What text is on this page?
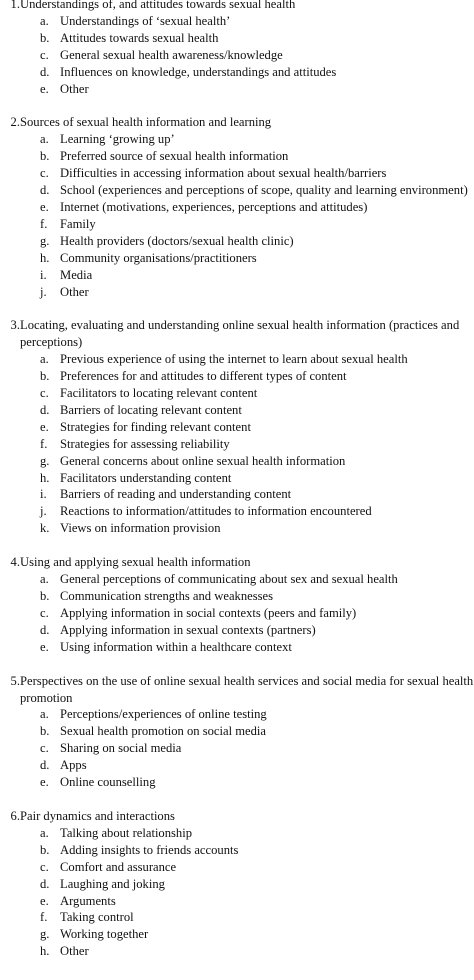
1. Understandings of, and attitudes towards sexual health
a. Understandings of ‘sexual health’
b. Attitudes towards sexual health
c. General sexual health awareness/knowledge
d. Influences on knowledge, understandings and attitudes
e. Other
2. Sources of sexual health information and learning
a. Learning ‘growing up’
b. Preferred source of sexual health information
c. Difficulties in accessing information about sexual health/barriers
d. School (experiences and perceptions of scope, quality and learning environment)
e. Internet (motivations, experiences, perceptions and attitudes)
f.	Family
g. Health providers (doctors/sexual health clinic)
h. Community organisations/practitioners
i.	Media
j.	Other
3. Locating, evaluating and understanding online sexual health information (practices and perceptions)
a. Previous experience of using the internet to learn about sexual health
b. Preferences for and attitudes to different types of content
c. Facilitators to locating relevant content
d. Barriers of locating relevant content
e. Strategies for finding relevant content
f.	Strategies for assessing reliability
g. General concerns about online sexual health information
h. Facilitators understanding content
i.	Barriers of reading and understanding content
j.	Reactions to information/attitudes to information encountered
k. Views on information provision
4. Using and applying sexual health information
a. General perceptions of communicating about sex and sexual health
b. Communication strengths and weaknesses
c. Applying information in social contexts (peers and family)
d. Applying information in sexual contexts (partners)
e. Using information within a healthcare context
5. Perspectives on the use of online sexual health services and social media for sexual health promotion
a. Perceptions/experiences of online testing
b. Sexual health promotion on social media
c. Sharing on social media
d. Apps
e. Online counselling
6. Pair dynamics and interactions
a. Talking about relationship
b. Adding insights to friends accounts
c. Comfort and assurance
d. Laughing and joking
e. Arguments
f.	Taking control
g. Working together
h. Other
